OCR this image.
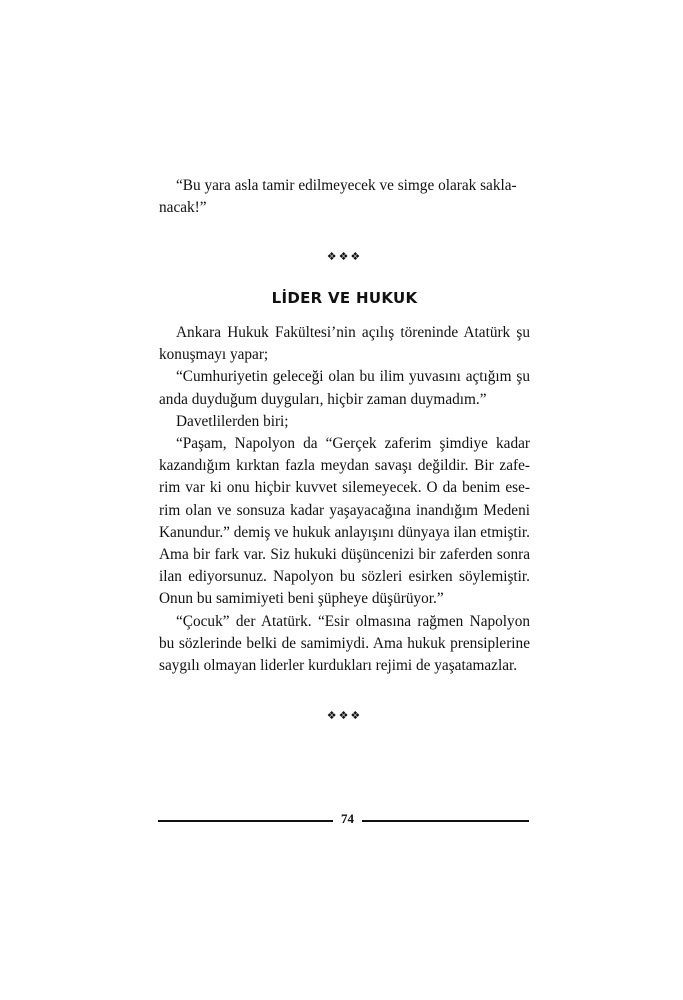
“Bu yara asla tamir edilmeyecek ve simge olarak sakla-
nacak!”

❖❖❖
LİDER VE HUKUK

Ankara Hukuk Fakültesi’nin açılış töreninde Atatürk şu konuşmayı yapar;

“Cumhuriyetin geleceği olan bu ilim yuvasını açtığım şu anda duyduğum duyguları, hiçbir zaman duymadım.”

Davetlilerden biri;

“Paşam, Napolyon da “Gerçek zaferim şimdiye kadar kazandığım kırktan fazla meydan savaşı değildir. Bir zaferim var ki onu hiçbir kuvvet silemeyecek. O da benim eserim olan ve sonsuza kadar yaşayacağına inandığım Medeni Kanundur.” demiş ve hukuk anlayışını dünyaya ilan etmiştir. Ama bir fark var. Siz hukuki düşüncenizi bir zaferden sonra ilan ediyorsunuz. Napolyon bu sözleri esirken söylemiştir. Onun bu samimiyeti beni şüpheye düşürüyor.”

“Çocuk” der Atatürk. “Esir olmasına rağmen Napolyon bu sözlerinde belki de samimiydi. Ama hukuk prensiplerine saygılı olmayan liderler kurdukları rejimi de yaşatamazlar.

❖❖❖
74
